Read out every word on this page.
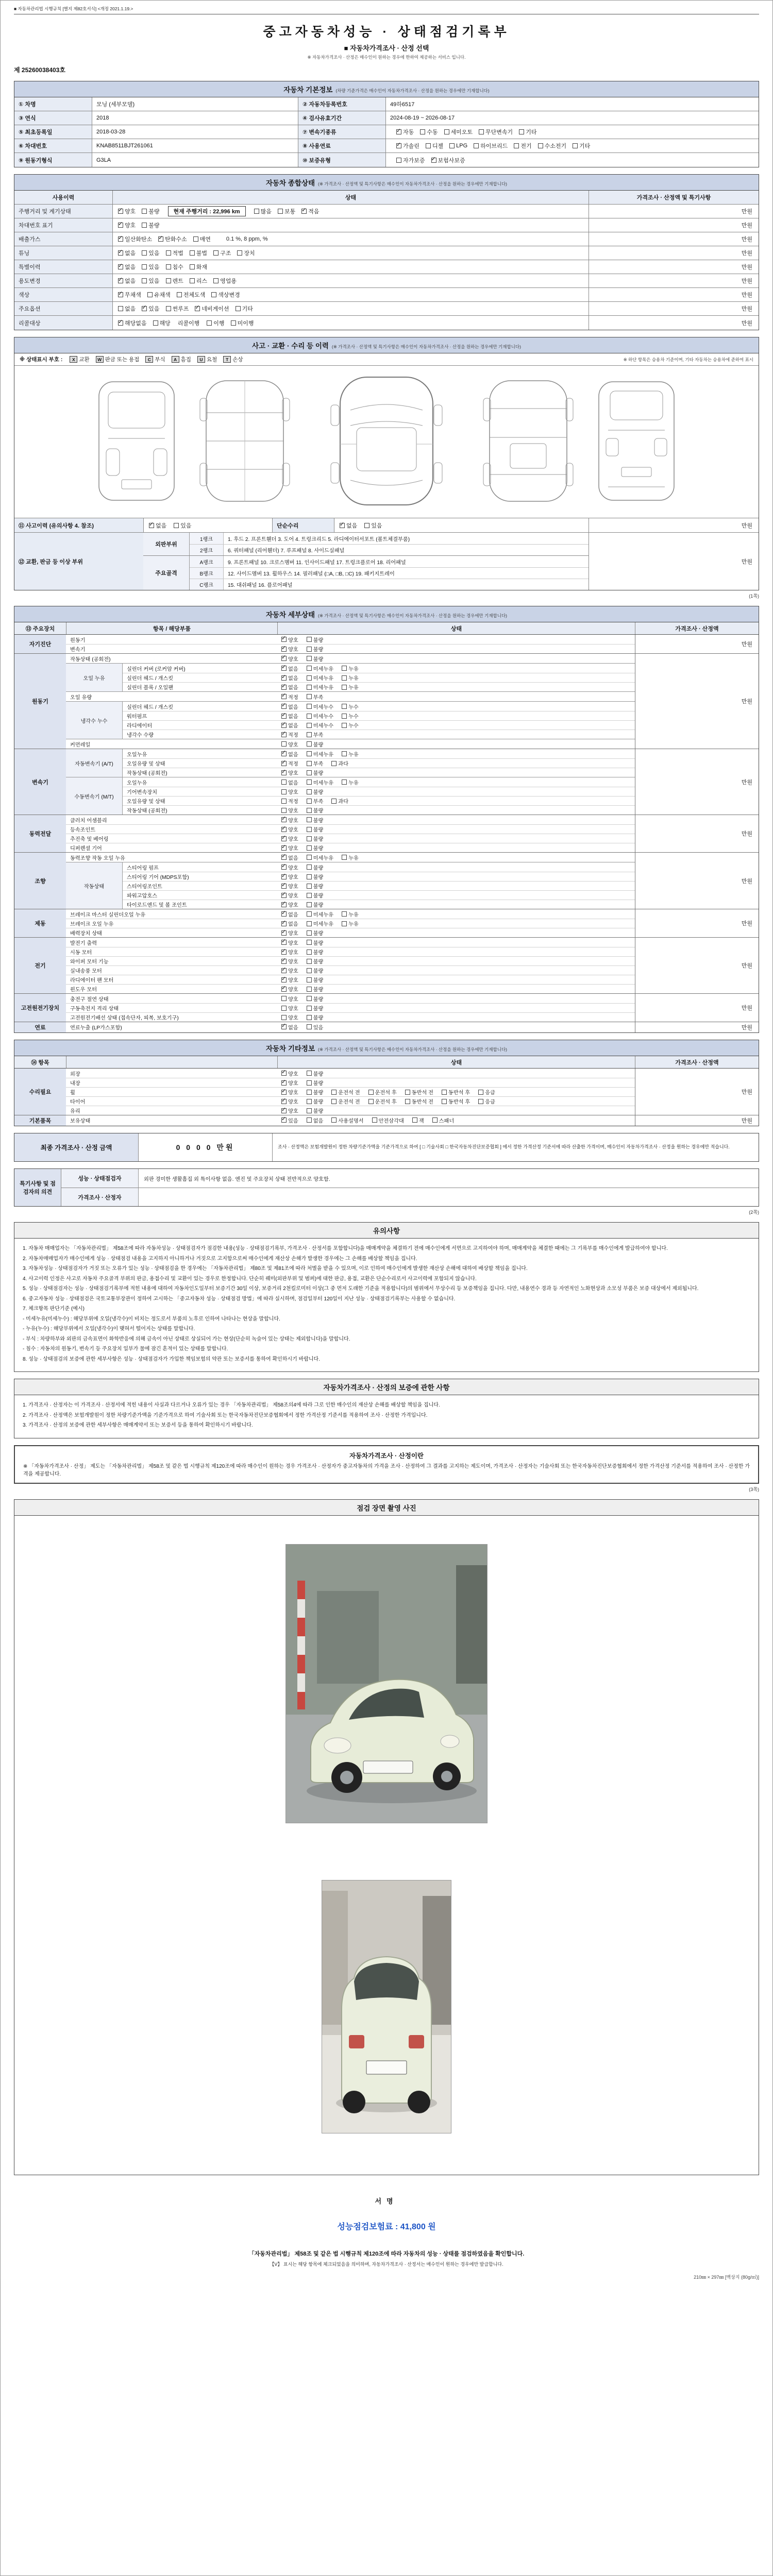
■ 자동차관리법 시행규칙 [별지 제82호서식] <개정 2021.1.19.>
중고자동차성능 · 상태점검기록부
■ 자동차가격조사 · 산정 선택
※ 자동차가격조사 · 산정은 매수인이 원하는 경우에 한하여 제공하는 서비스 입니다.
제 25260038403호
자동차 기본정보 (차량 기준가격은 매수인이 자동차가격조사 · 산정을 원하는 경우에만 기재합니다)
① 차명	모닝 (세부모델)	② 자동차등록번호	49하6517
③ 연식	2018	④ 검사유효기간	2024-08-19 ~ 2026-08-17
⑤ 최초등록일	2018-03-28	⑦ 변속기종류 ✓	자동 수동 세미오토 무단변속기 기타
⑥ 차대번호	KNAB8511BJT261061	⑧ 사용연료 ✓	가솔린 디젤 LPG 하이브리드 전기 수소전기 기타
⑨ 원동기형식	G3LA	⑩ 보증유형	자가보증 ✓ 보험사보증
자동차 종합상태 (※ 가격조사 · 산정액 및 특기사항은 매수인이 자동차가격조사 · 산정을 원하는 경우에만 기재합니다)
사용이력	상태	가격조사 · 산정액 및 특기사항
주행거리 및 계기상태 ✓	양호 불량	현재 주행거리 : 22,996 km	많음 보통 ✓ 적음	만원
차대번호 표기 ✓	양호 불량	만원
배출가스 ✓	일산화탄소 ✓ 탄화수소 매연	0.1 %, 8 ppm, %	만원
튜닝 ✓	없음 있음 적법 불법 구조 장치	만원
특별이력 ✓	없음 있음 침수 화재	만원
용도변경 ✓	없음 있음 렌트 리스 영업용	만원
색상 ✓	무채색 유채색 전체도색 색상변경	만원
주요옵션	없음 ✓ 있음 썬루프 ✓ 네비게이션 기타	만원
리콜대상 ✓	해당없음 해당 리콜이행 이행 미이행	만원
사고 · 교환 · 수리 등 이력 (※ 가격조사 · 산정액 및 특기사항은 매수인이 자동차가격조사 · 산정을 원하는 경우에만 기재합니다)
※ 상태표시 부호 :	X 교환	W 판금 또는 용접	C 부식	A 흠집	U 요철	T 손상	※ 하단 항목은 승용차 기준이며, 기타 자동차는 승용차에 준하여 표시
⑪ 사고이력 (유의사항 4. 참조) ✓	없음 있음	단순수리 ✓	없음 있음	만원
⑫ 교환, 판금 등 이상 부위
외판부위
1랭크	1. 후드 2. 프론트휀더 3. 도어 4. 트렁크리드 5. 라디에이터서포트 (볼트체결부품)
2랭크	6. 쿼터패널 (리어휀더) 7. 루프패널 8. 사이드실패널
주요골격
A랭크	9. 프론트패널 10. 크로스멤버 11. 인사이드패널 17. 트렁크플로어 18. 리어패널
B랭크	12. 사이드멤버 13. 휠하우스 14. 필러패널 (□A, □B, □C) 19. 패키지트레이
C랭크	15. 대쉬패널 16. 플로어패널
만원
(1쪽)
자동차 세부상태 (※ 가격조사 · 산정액 및 특기사항은 매수인이 자동차가격조사 · 산정을 원하는 경우에만 기재합니다)
⑬ 주요장치	항목 / 해당부품	상태	가격조사 · 산정액
자기진단
원동기 ✓	양호	불량
변속기 ✓	양호	불량
만원
원동기
작동상태 (공회전) ✓	양호	불량
오일 누유
실린더 커버 (로커암 커버) ✓	없음	미세누유	누유
실린더 헤드 / 개스킷 ✓	없음	미세누유	누유
실린더 블록 / 오일팬 ✓	없음	미세누유	누유
오일 유량 ✓	적정	부족
냉각수 누수
실린더 헤드 / 개스킷 ✓	없음	미세누수	누수
워터펌프 ✓	없음	미세누수	누수
라디에이터 ✓	없음	미세누수	누수
냉각수 수량 ✓	적정	부족
커먼레일	양호	불량
만원
변속기
자동변속기 (A/T)
오일누유 ✓	없음	미세누유	누유
오일유량 및 상태 ✓	적정	부족	과다
작동상태 (공회전) ✓	양호	불량
수동변속기 (M/T)
오일누유	없음	미세누유	누유
기어변속장치	양호	불량
오일유량 및 상태	적정	부족	과다
작동상태 (공회전)	양호	불량
만원
동력전달
클러치 어셈블리 ✓	양호	불량
등속조인트 ✓	양호	불량
추진축 및 베어링 ✓	양호	불량
디퍼렌셜 기어 ✓	양호	불량
만원
조향
동력조향 작동 오일 누유 ✓	없음	미세누유	누유
작동상태
스티어링 펌프 ✓	양호	불량
스티어링 기어 (MDPS포함) ✓	양호	불량
스티어링조인트 ✓	양호	불량
파워고압호스 ✓	양호	불량
타이로드엔드 및 볼 조인트 ✓	양호	불량
만원
제동
브레이크 마스터 실린더오일 누유 ✓	없음	미세누유	누유
브레이크 오일 누유 ✓	없음	미세누유	누유
배력장치 상태 ✓	양호	불량
만원
전기
발전기 출력 ✓	양호	불량
시동 모터 ✓	양호	불량
와이퍼 모터 기능 ✓	양호	불량
실내송풍 모터 ✓	양호	불량
라디에이터 팬 모터 ✓	양호	불량
윈도우 모터 ✓	양호	불량
만원
고전원전기장치
충전구 절연 상태	양호	불량
구동축전지 격리 상태	양호	불량
고전원전기배선 상태 (접속단자, 피복, 보호기구)	양호	불량
만원
연료	연료누출 (LP가스포함) ✓	없음	있음	만원
자동차 기타정보 (※ 가격조사 · 산정액 및 특기사항은 매수인이 자동차가격조사 · 산정을 원하는 경우에만 기재합니다)
⑭ 항목	상태	가격조사 · 산정액
수리필요
외장 ✓	양호	불량
내장 ✓	양호	불량
휠 ✓	양호	불량	운전석 전	운전석 후	동반석 전	동반석 후	응급
타이어 ✓	양호	불량	운전석 전	운전석 후	동반석 전	동반석 후	응급
유리 ✓	양호	불량
만원
기본품목	보유상태 ✓	있음	없음	사용설명서	안전삼각대	잭	스패너	만원
최종 가격조사 · 산정 금액	0 0 0 0
만원	조사 · 산정액은 보험개발원이 정한 차량기준가액을 기준가격으로 하여 [ □ 기술사회 □ 한국자동차진단보증협회 ] 에서 정한 가격산정 기준서에 따라 산출한 가격이며, 매수인이 자동차가격조사 · 산정을 원하는 경우에만 적습니다.
특기사항 및 점검자의 의견
성능 · 상태점검자	외판 경미한 생활흠집 외 특이사항 없음. 엔진 및 주요장치 상태 전반적으로 양호함.
가격조사 · 산정자
(2쪽)
유의사항

1. 자동차 매매업자는 「자동차관리법」 제58조에 따라 자동차성능 · 상태점검자가 점검한 내용(성능 · 상태점검기록부, 가격조사 · 산정서를 포함합니다)을 매매계약을 체결하기 전에 매수인에게 서면으로 고지하여야 하며, 매매계약을 체결한 때에는 그 기록부를 매수인에게 발급하여야 합니다.

2. 자동차매매업자가 매수인에게 성능 · 상태점검 내용을 고지하지 아니하거나 거짓으로 고지함으로써 매수인에게 재산상 손해가 발생한 경우에는 그 손해를 배상할 책임을 집니다.

3. 자동차성능 · 상태점검자가 거짓 또는 오류가 있는 성능 · 상태점검을 한 경우에는 「자동차관리법」 제80조 및 제81조에 따라 처벌을 받을 수 있으며, 이로 인하여 매수인에게 발생한 재산상 손해에 대하여 배상할 책임을 집니다.

4. 사고이력 인정은 사고로 자동차 주요골격 부위의 판금, 용접수리 및 교환이 있는 경우로 한정합니다. 단순히 꿰미(외판부위 및 범퍼)에 대한 판금, 용접, 교환은 단순수리로서 사고이력에 포함되지 않습니다.

5. 성능 · 상태점검자는 성능 · 상태점검기록부에 적힌 내용에 대하여 자동차인도일부터 보증기간 30일 이상, 보증거리 2천킬로미터 이상(그 중 먼저 도래한 기준을 적용합니다)의 범위에서 무상수리 등 보증책임을 집니다. 다만, 내용연수 경과 등 자연적인 노화현상과 소모성 부품은 보증 대상에서 제외됩니다.

6. 중고자동차 성능 · 상태점검은 국토교통부장관이 정하여 고시하는 「중고자동차 성능 · 상태점검 방법」에 따라 실시하며, 점검일부터 120일이 지난 성능 · 상태점검기록부는 사용할 수 없습니다.

7. 체크항목 판단기준 (예시)

- 미세누유(미세누수) : 해당부위에 오일(냉각수)이 비치는 정도로서 부품의 노후로 인하여 나타나는 현상을 말합니다.

- 누유(누수) : 해당부위에서 오일(냉각수)이 맺혀서 떨어지는 상태를 말합니다.

- 부식 : 차량하부와 외판의 금속표면이 화학반응에 의해 금속이 아닌 상태로 상실되어 가는 현상(단순히 녹슬어 있는 상태는 제외합니다)을 말합니다.

- 침수 : 자동차의 원동기, 변속기 등 주요장치 일부가 물에 잠긴 흔적이 있는 상태를 말합니다.

8. 성능 · 상태점검의 보증에 관한 세부사항은 성능 · 상태점검자가 가입한 책임보험의 약관 또는 보증서를 통하여 확인하시기 바랍니다.

자동차가격조사 · 산정의 보증에 관한 사항

1. 가격조사 · 산정자는 이 가격조사 · 산정서에 적힌 내용이 사실과 다르거나 오류가 있는 경우 「자동차관리법」 제58조의4에 따라 그로 인한 매수인의 재산상 손해를 배상할 책임을 집니다.

2. 가격조사 · 산정액은 보험개발원이 정한 차량기준가액을 기준가격으로 하여 기술사회 또는 한국자동차진단보증협회에서 정한 가격산정 기준서를 적용하여 조사 · 산정한 가격입니다.

3. 가격조사 · 산정의 보증에 관한 세부사항은 매매계약서 또는 보증서 등을 통하여 확인하시기 바랍니다.

자동차가격조사 · 산정이란

※ 「자동차가격조사 · 산정」 제도는 「자동차관리법」 제58조 및 같은 법 시행규칙 제120조에 따라 매수인이 원하는 경우 가격조사 · 산정자가 중고자동차의 가격을 조사 · 산정하여 그 결과를 고지하는 제도이며, 가격조사 · 산정자는 기술사회 또는 한국자동차진단보증협회에서 정한 가격산정 기준서를 적용하여 조사 · 산정한 가격을 제공합니다.

(3쪽)
점검 장면 촬영 사진
서명
성능점검보험료 : 41,800 원
「자동차관리법」 제58조 및 같은 법 시행규칙 제120조에 따라 자동차의 성능 · 상태를 점검하였음을 확인합니다.
【V】 표시는 해당 항목에 체크되었음을 의미하며, 자동차가격조사 · 산정서는 매수인이 원하는 경우에만 발급합니다.
210㎜ × 297㎜ [백상지 (80g/㎡)]
